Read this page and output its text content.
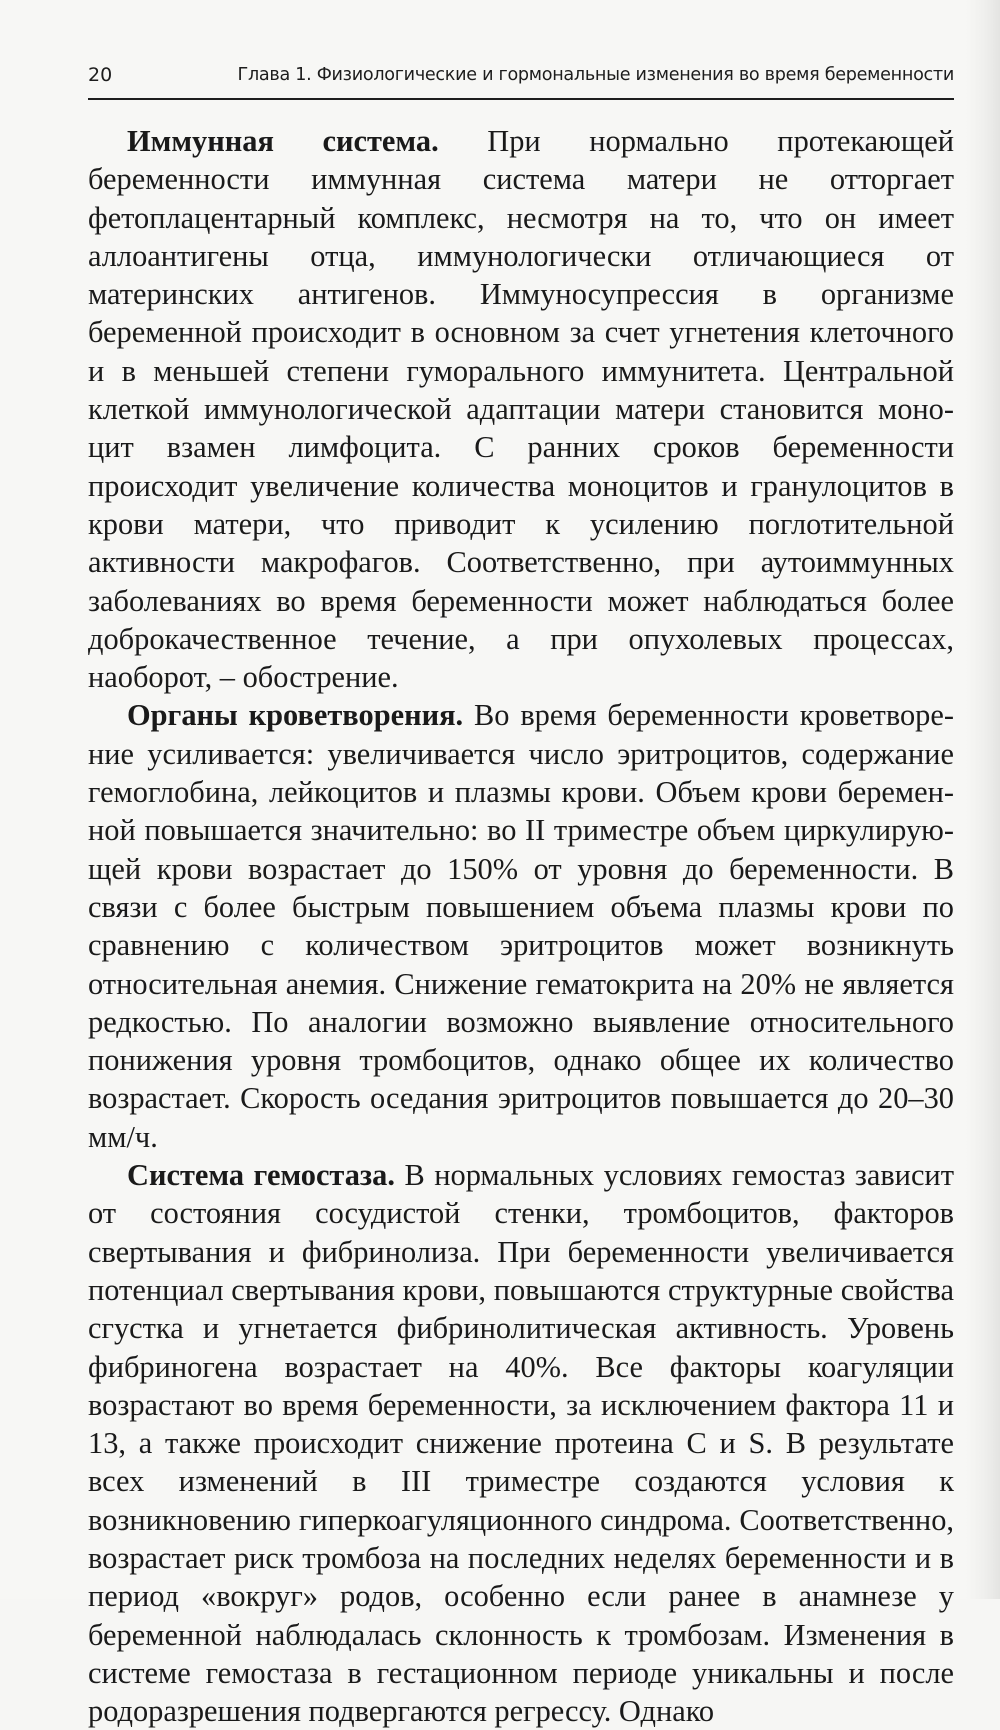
20	Глава 1. Физиологические и гормональные изменения во время беременности

Иммунная система. При нормально протекающей беременности иммунная система матери не отторгает фетоплацентарный комплекс, несмотря на то, что он имеет аллоантигены отца, иммунологически отличающиеся от материнских антигенов. Иммуносупрессия в организме беременной происходит в основном за счет угнетения клеточного и в меньшей степени гуморального иммунитета. Центральной клеткой иммунологической адаптации матери становится моноцит взамен лимфоцита. С ранних сроков беременности происходит увеличение количества моноцитов и гранулоцитов в крови матери, что приводит к усилению поглотительной активности макрофагов. Соответственно, при аутоиммунных заболеваниях во время беременности может наблюдаться более доброкачественное течение, а при опухолевых процессах, наоборот, – обострение.

Органы кроветворения. Во время беременности кроветворение усиливается: увеличивается число эритроцитов, содержание гемоглобина, лейкоцитов и плазмы крови. Объем крови беременной повышается значительно: во II триместре объем циркулирующей крови возрастает до 150% от уровня до беременности. В связи с более быстрым повышением объема плазмы крови по сравнению с количеством эритроцитов может возникнуть относительная анемия. Снижение гематокрита на 20% не является редкостью. По аналогии возможно выявление относительного понижения уровня тромбоцитов, однако общее их количество возрастает. Скорость оседания эритроцитов повышается до 20–30 мм/ч.

Система гемостаза. В нормальных условиях гемостаз зависит от состояния сосудистой стенки, тромбоцитов, факторов свертывания и фибринолиза. При беременности увеличивается потенциал свертывания крови, повышаются структурные свойства сгустка и угнетается фибринолитическая активность. Уровень фибриногена возрастает на 40%. Все факторы коагуляции возрастают во время беременности, за исключением фактора 11 и 13, а также происходит снижение протеина С и S. В результате всех изменений в III триместре создаются условия к возникновению гиперкоагуляционного синдрома. Соответственно, возрастает риск тромбоза на последних неделях беременности и в период «вокруг» родов, особенно если ранее в анамнезе у беременной наблюдалась склонность к тромбозам. Изменения в системе гемостаза в гестационном периоде уникальны и после родоразрешения подвергаются регрессу. Однако
